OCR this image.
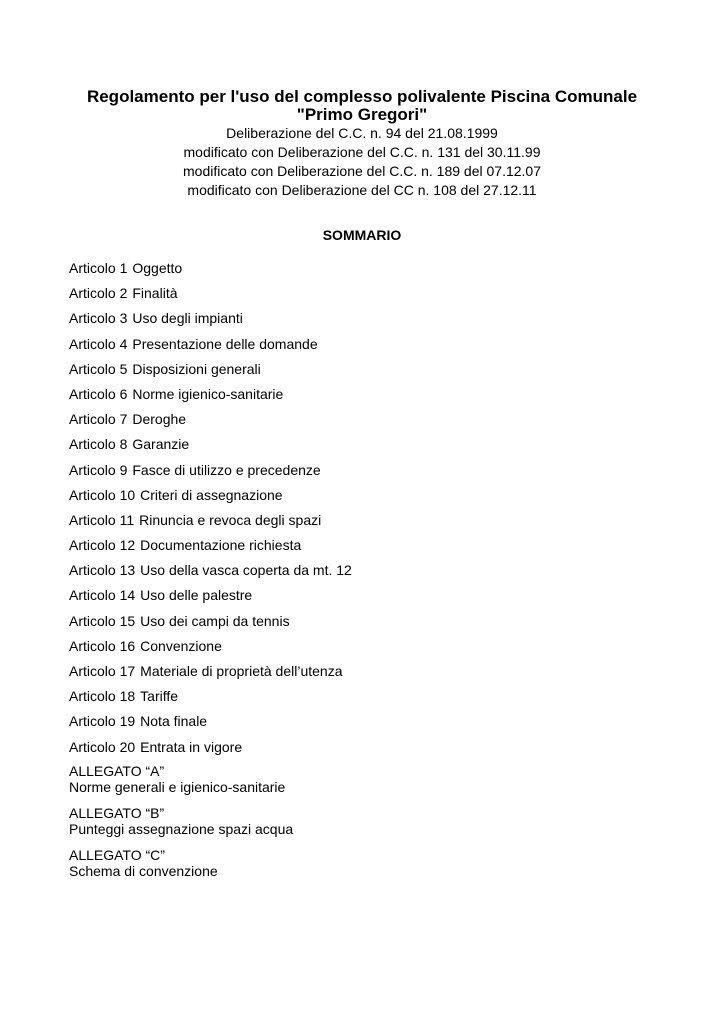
Regolamento per l'uso del complesso polivalente Piscina Comunale
"Primo Gregori"
Deliberazione del C.C. n. 94 del 21.08.1999
modificato con Deliberazione del C.C. n. 131 del 30.11.99
modificato con Deliberazione del C.C. n. 189 del 07.12.07
modificato con Deliberazione del CC n. 108 del 27.12.11
SOMMARIO
Articolo 1 Oggetto
Articolo 2 Finalità
Articolo 3 Uso degli impianti
Articolo 4 Presentazione delle domande
Articolo 5 Disposizioni generali
Articolo 6 Norme igienico-sanitarie
Articolo 7 Deroghe
Articolo 8 Garanzie
Articolo 9 Fasce di utilizzo e precedenze
Articolo 10 Criteri di assegnazione
Articolo 11 Rinuncia e revoca degli spazi
Articolo 12 Documentazione richiesta
Articolo 13 Uso della vasca coperta da mt. 12
Articolo 14 Uso delle palestre
Articolo 15 Uso dei campi da tennis
Articolo 16 Convenzione
Articolo 17 Materiale di proprietà dell’utenza
Articolo 18 Tariffe
Articolo 19 Nota finale
Articolo 20 Entrata in vigore
ALLEGATO “A”
Norme generali e igienico-sanitarie
ALLEGATO “B”
Punteggi assegnazione spazi acqua
ALLEGATO “C”
Schema di convenzione
